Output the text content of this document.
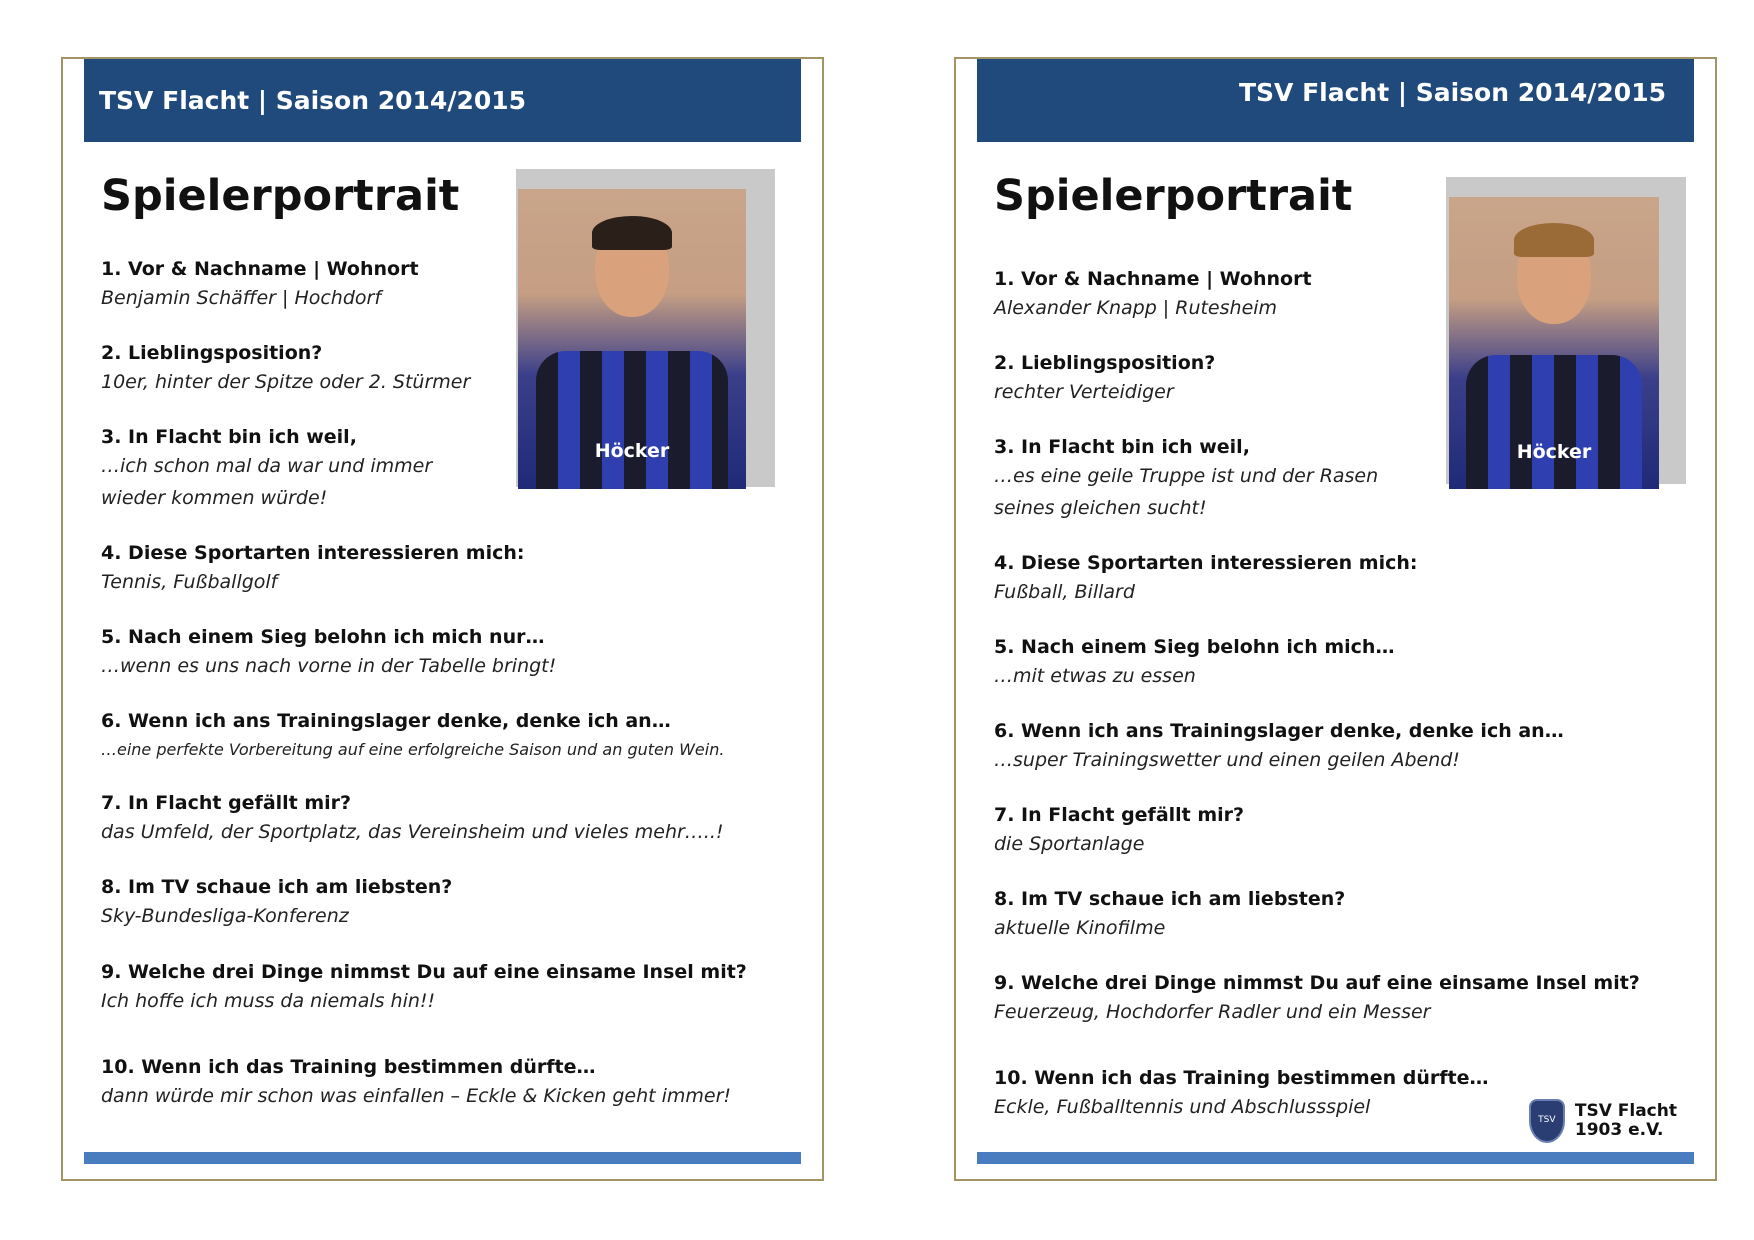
TSV Flacht | Saison 2014/2015
Spielerportrait
Höcker
1. Vor & Nachname | Wohnort
Benjamin Schäffer | Hochdorf
2. Lieblingsposition?
10er, hinter der Spitze oder 2. Stürmer
3. In Flacht bin ich weil,
…ich schon mal da war und immer
wieder kommen würde!
4. Diese Sportarten interessieren mich:
Tennis, Fußballgolf
5. Nach einem Sieg belohn ich mich nur…
…wenn es uns nach vorne in der Tabelle bringt!
6. Wenn ich ans Trainingslager denke, denke ich an…
…eine perfekte Vorbereitung auf eine erfolgreiche Saison und an guten Wein.
7. In Flacht gefällt mir?
das Umfeld, der Sportplatz, das Vereinsheim und vieles mehr…..!
8. Im TV schaue ich am liebsten?
Sky-Bundesliga-Konferenz
9. Welche drei Dinge nimmst Du auf eine einsame Insel mit?
Ich hoffe ich muss da niemals hin!!
10. Wenn ich das Training bestimmen dürfte…
dann würde mir schon was einfallen – Eckle & Kicken geht immer!
TSV Flacht | Saison 2014/2015
Spielerportrait
Höcker
1. Vor & Nachname | Wohnort
Alexander Knapp | Rutesheim
2. Lieblingsposition?
rechter Verteidiger
3. In Flacht bin ich weil,
…es eine geile Truppe ist und der Rasen
seines gleichen sucht!
4. Diese Sportarten interessieren mich:
Fußball, Billard
5. Nach einem Sieg belohn ich mich…
…mit etwas zu essen
6. Wenn ich ans Trainingslager denke, denke ich an…
…super Trainingswetter und einen geilen Abend!
7. In Flacht gefällt mir?
die Sportanlage
8. Im TV schaue ich am liebsten?
aktuelle Kinofilme
9. Welche drei Dinge nimmst Du auf eine einsame Insel mit?
Feuerzeug, Hochdorfer Radler und ein Messer
10. Wenn ich das Training bestimmen dürfte…
Eckle, Fußballtennis und Abschlussspiel
TSV	TSV Flacht
1903 e.V.
